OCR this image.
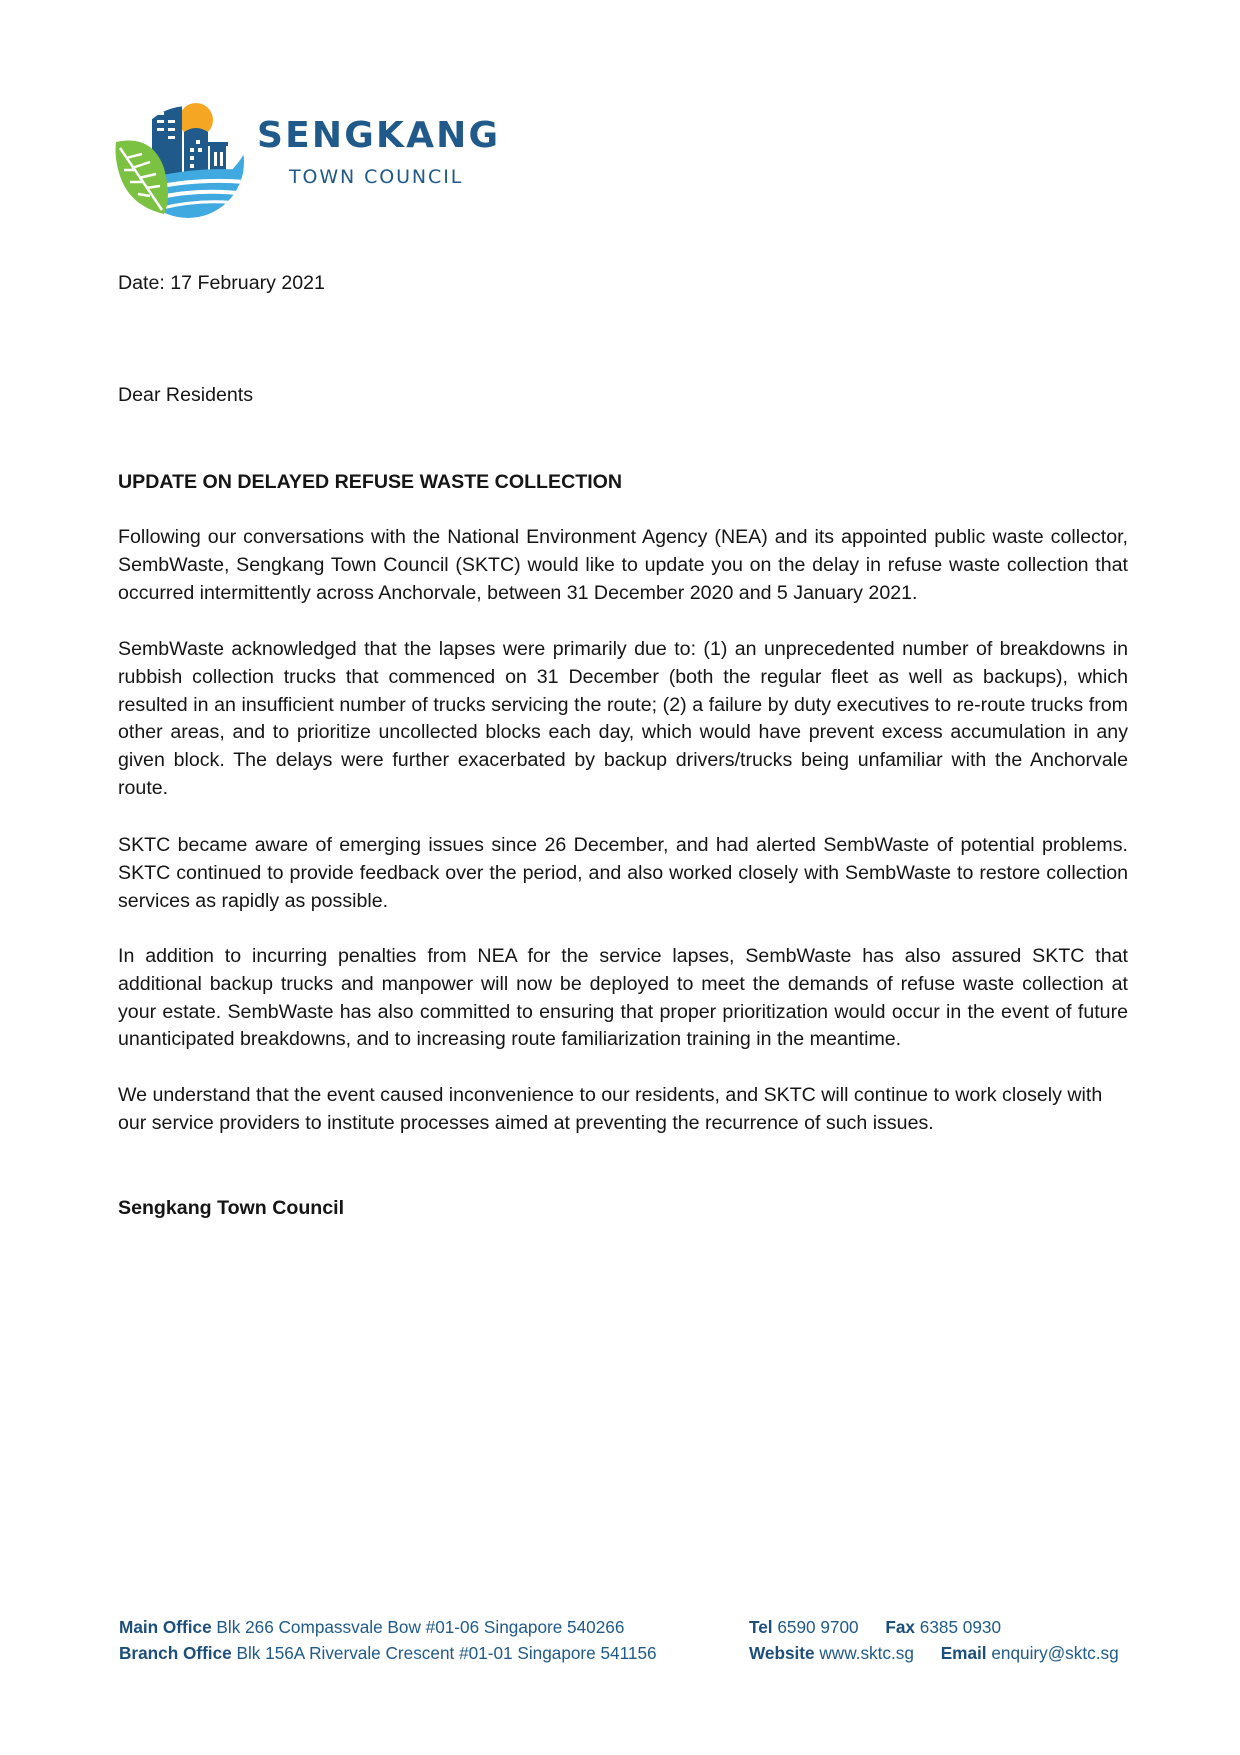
SENGKANG
TOWN COUNCIL
Date: 17 February 2021
Dear Residents
UPDATE ON DELAYED REFUSE WASTE COLLECTION
Following our conversations with the National Environment Agency (NEA) and its appointed public waste collector, SembWaste, Sengkang Town Council (SKTC) would like to update you on the delay in refuse waste collection that occurred intermittently across Anchorvale, between 31 December 2020 and 5 January 2021.
SembWaste acknowledged that the lapses were primarily due to: (1) an unprecedented number of breakdowns in rubbish collection trucks that commenced on 31 December (both the regular fleet as well as backups), which resulted in an insufficient number of trucks servicing the route; (2) a failure by duty executives to re-route trucks from other areas, and to prioritize uncollected blocks each day, which would have prevent excess accumulation in any given block. The delays were further exacerbated by backup drivers/trucks being unfamiliar with the Anchorvale route.
SKTC became aware of emerging issues since 26 December, and had alerted SembWaste of potential problems. SKTC continued to provide feedback over the period, and also worked closely with SembWaste to restore collection services as rapidly as possible.
In addition to incurring penalties from NEA for the service lapses, SembWaste has also assured SKTC that additional backup trucks and manpower will now be deployed to meet the demands of refuse waste collection at your estate. SembWaste has also committed to ensuring that proper prioritization would occur in the event of future unanticipated breakdowns, and to increasing route familiarization training in the meantime.
We understand that the event caused inconvenience to our residents, and SKTC will continue to work closely with our service providers to institute processes aimed at preventing the recurrence of such issues.
Sengkang Town Council
Main Office Blk 266 Compassvale Bow #01-06 Singapore 540266
Branch Office Blk 156A Rivervale Crescent #01-01 Singapore 541156
Tel 6590 9700 Fax 6385 0930
Website www.sktc.sg Email enquiry@sktc.sg
